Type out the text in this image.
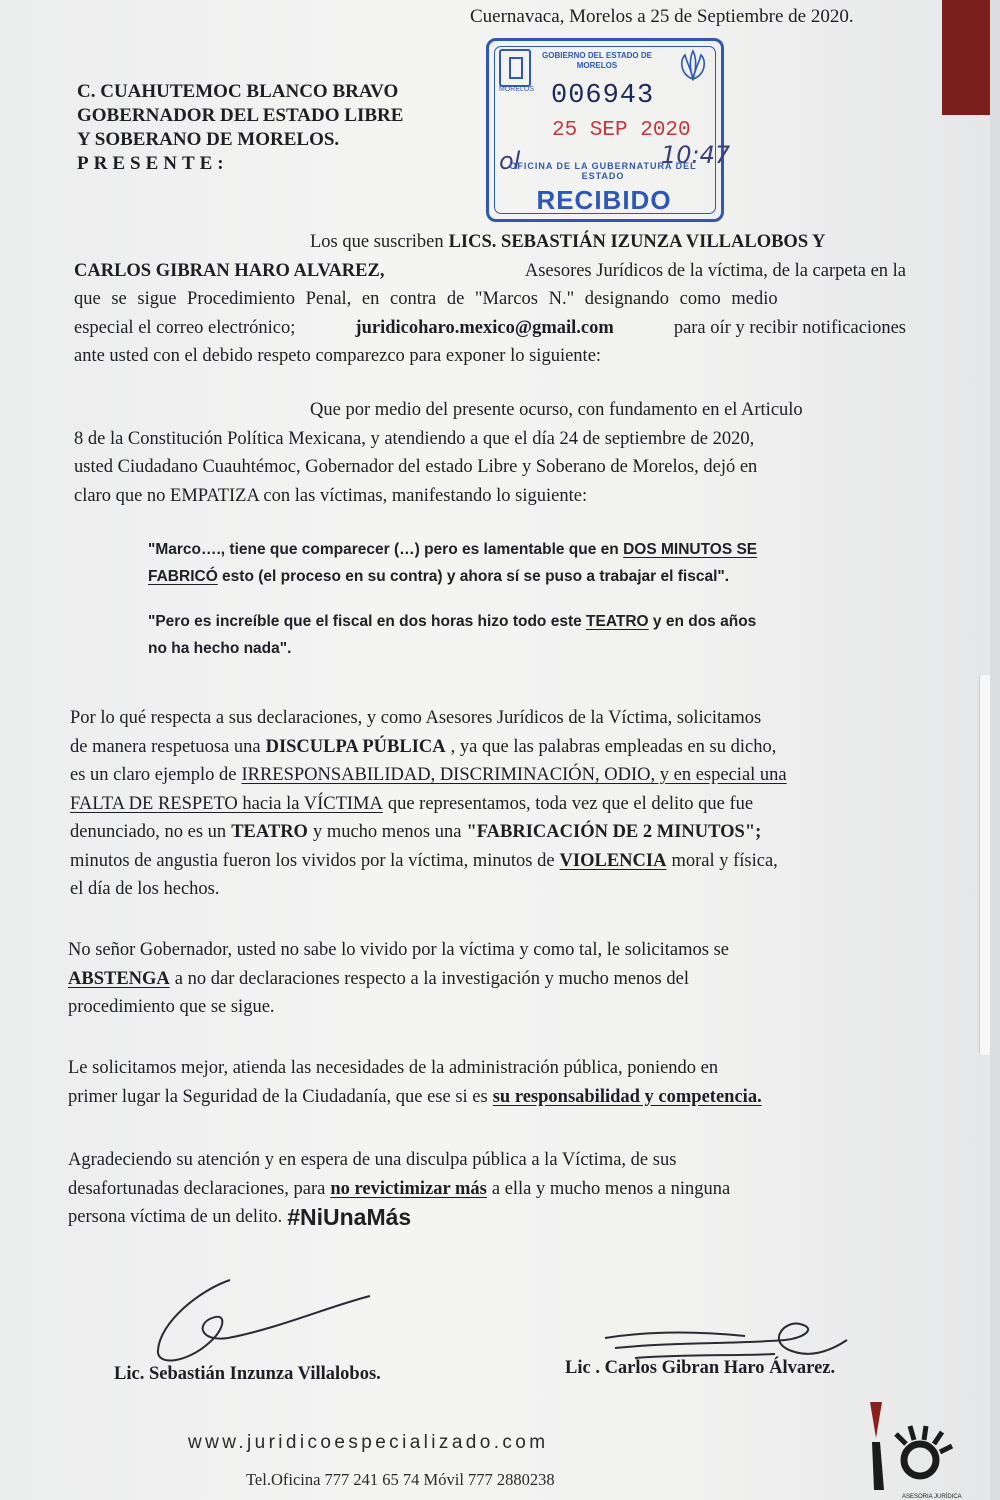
Cuernavaca, Morelos a 25 de Septiembre de 2020.
C. CUAHUTEMOC BLANCO BRAVO
GOBERNADOR DEL ESTADO LIBRE
Y SOBERANO DE MORELOS.
PRESENTE:
GOBIERNO DEL ESTADO DE MORELOS
MORELOS 006943
25 SEP 2020
ol	10:47
OFICINA DE LA GUBERNATURA DEL ESTADO
RECIBIDO
Los que suscriben LICS. SEBASTIÁN IZUNZA VILLALOBOS Y
CARLOS GIBRAN HARO ALVAREZ,	Asesores Jurídicos de la víctima, de la carpeta en la
que se sigue Procedimiento Penal, en contra de "Marcos N." designando como medio
especial el correo electrónico;	juridicoharo.mexico@gmail.com	para oír y recibir notificaciones
ante usted con el debido respeto comparezco para exponer lo siguiente:
Que por medio del presente ocurso, con fundamento en el Articulo
8 de la Constitución Política Mexicana, y atendiendo a que el día 24 de septiembre de 2020,
usted Ciudadano Cuauhtémoc, Gobernador del estado Libre y Soberano de Morelos, dejó en
claro que no EMPATIZA con las víctimas, manifestando lo siguiente:
"Marco…., tiene que comparecer (…) pero es lamentable que en DOS MINUTOS SE
FABRICÓ esto (el proceso en su contra) y ahora sí se puso a trabajar el fiscal".
"Pero es increíble que el fiscal en dos horas hizo todo este TEATRO y en dos años
no ha hecho nada".
Por lo qué respecta a sus declaraciones, y como Asesores Jurídicos de la Víctima, solicitamos
de manera respetuosa una DISCULPA PÚBLICA , ya que las palabras empleadas en su dicho,
es un claro ejemplo de IRRESPONSABILIDAD, DISCRIMINACIÓN, ODIO, y en especial una
FALTA DE RESPETO hacia la VÍCTIMA que representamos, toda vez que el delito que fue
denunciado, no es un TEATRO y mucho menos una "FABRICACIÓN DE 2 MINUTOS";
minutos de angustia fueron los vividos por la víctima, minutos de VIOLENCIA moral y física,
el día de los hechos.
No señor Gobernador, usted no sabe lo vivido por la víctima y como tal, le solicitamos se
ABSTENGA a no dar declaraciones respecto a la investigación y mucho menos del
procedimiento que se sigue.
Le solicitamos mejor, atienda las necesidades de la administración pública, poniendo en
primer lugar la Seguridad de la Ciudadanía, que ese si es su responsabilidad y competencia.
Agradeciendo su atención y en espera de una disculpa pública a la Víctima, de sus
desafortunadas declaraciones, para no revictimizar más a ella y mucho menos a ninguna
persona víctima de un delito. #NiUnaMás
Lic. Sebastián Inzunza Villalobos.	Lic . Carlos Gibran Haro Álvarez.
www.juridicoespecializado.com
Tel.Oficina 777 241 65 74 Móvil 777 2880238
ASESORIA JURÍDICA
